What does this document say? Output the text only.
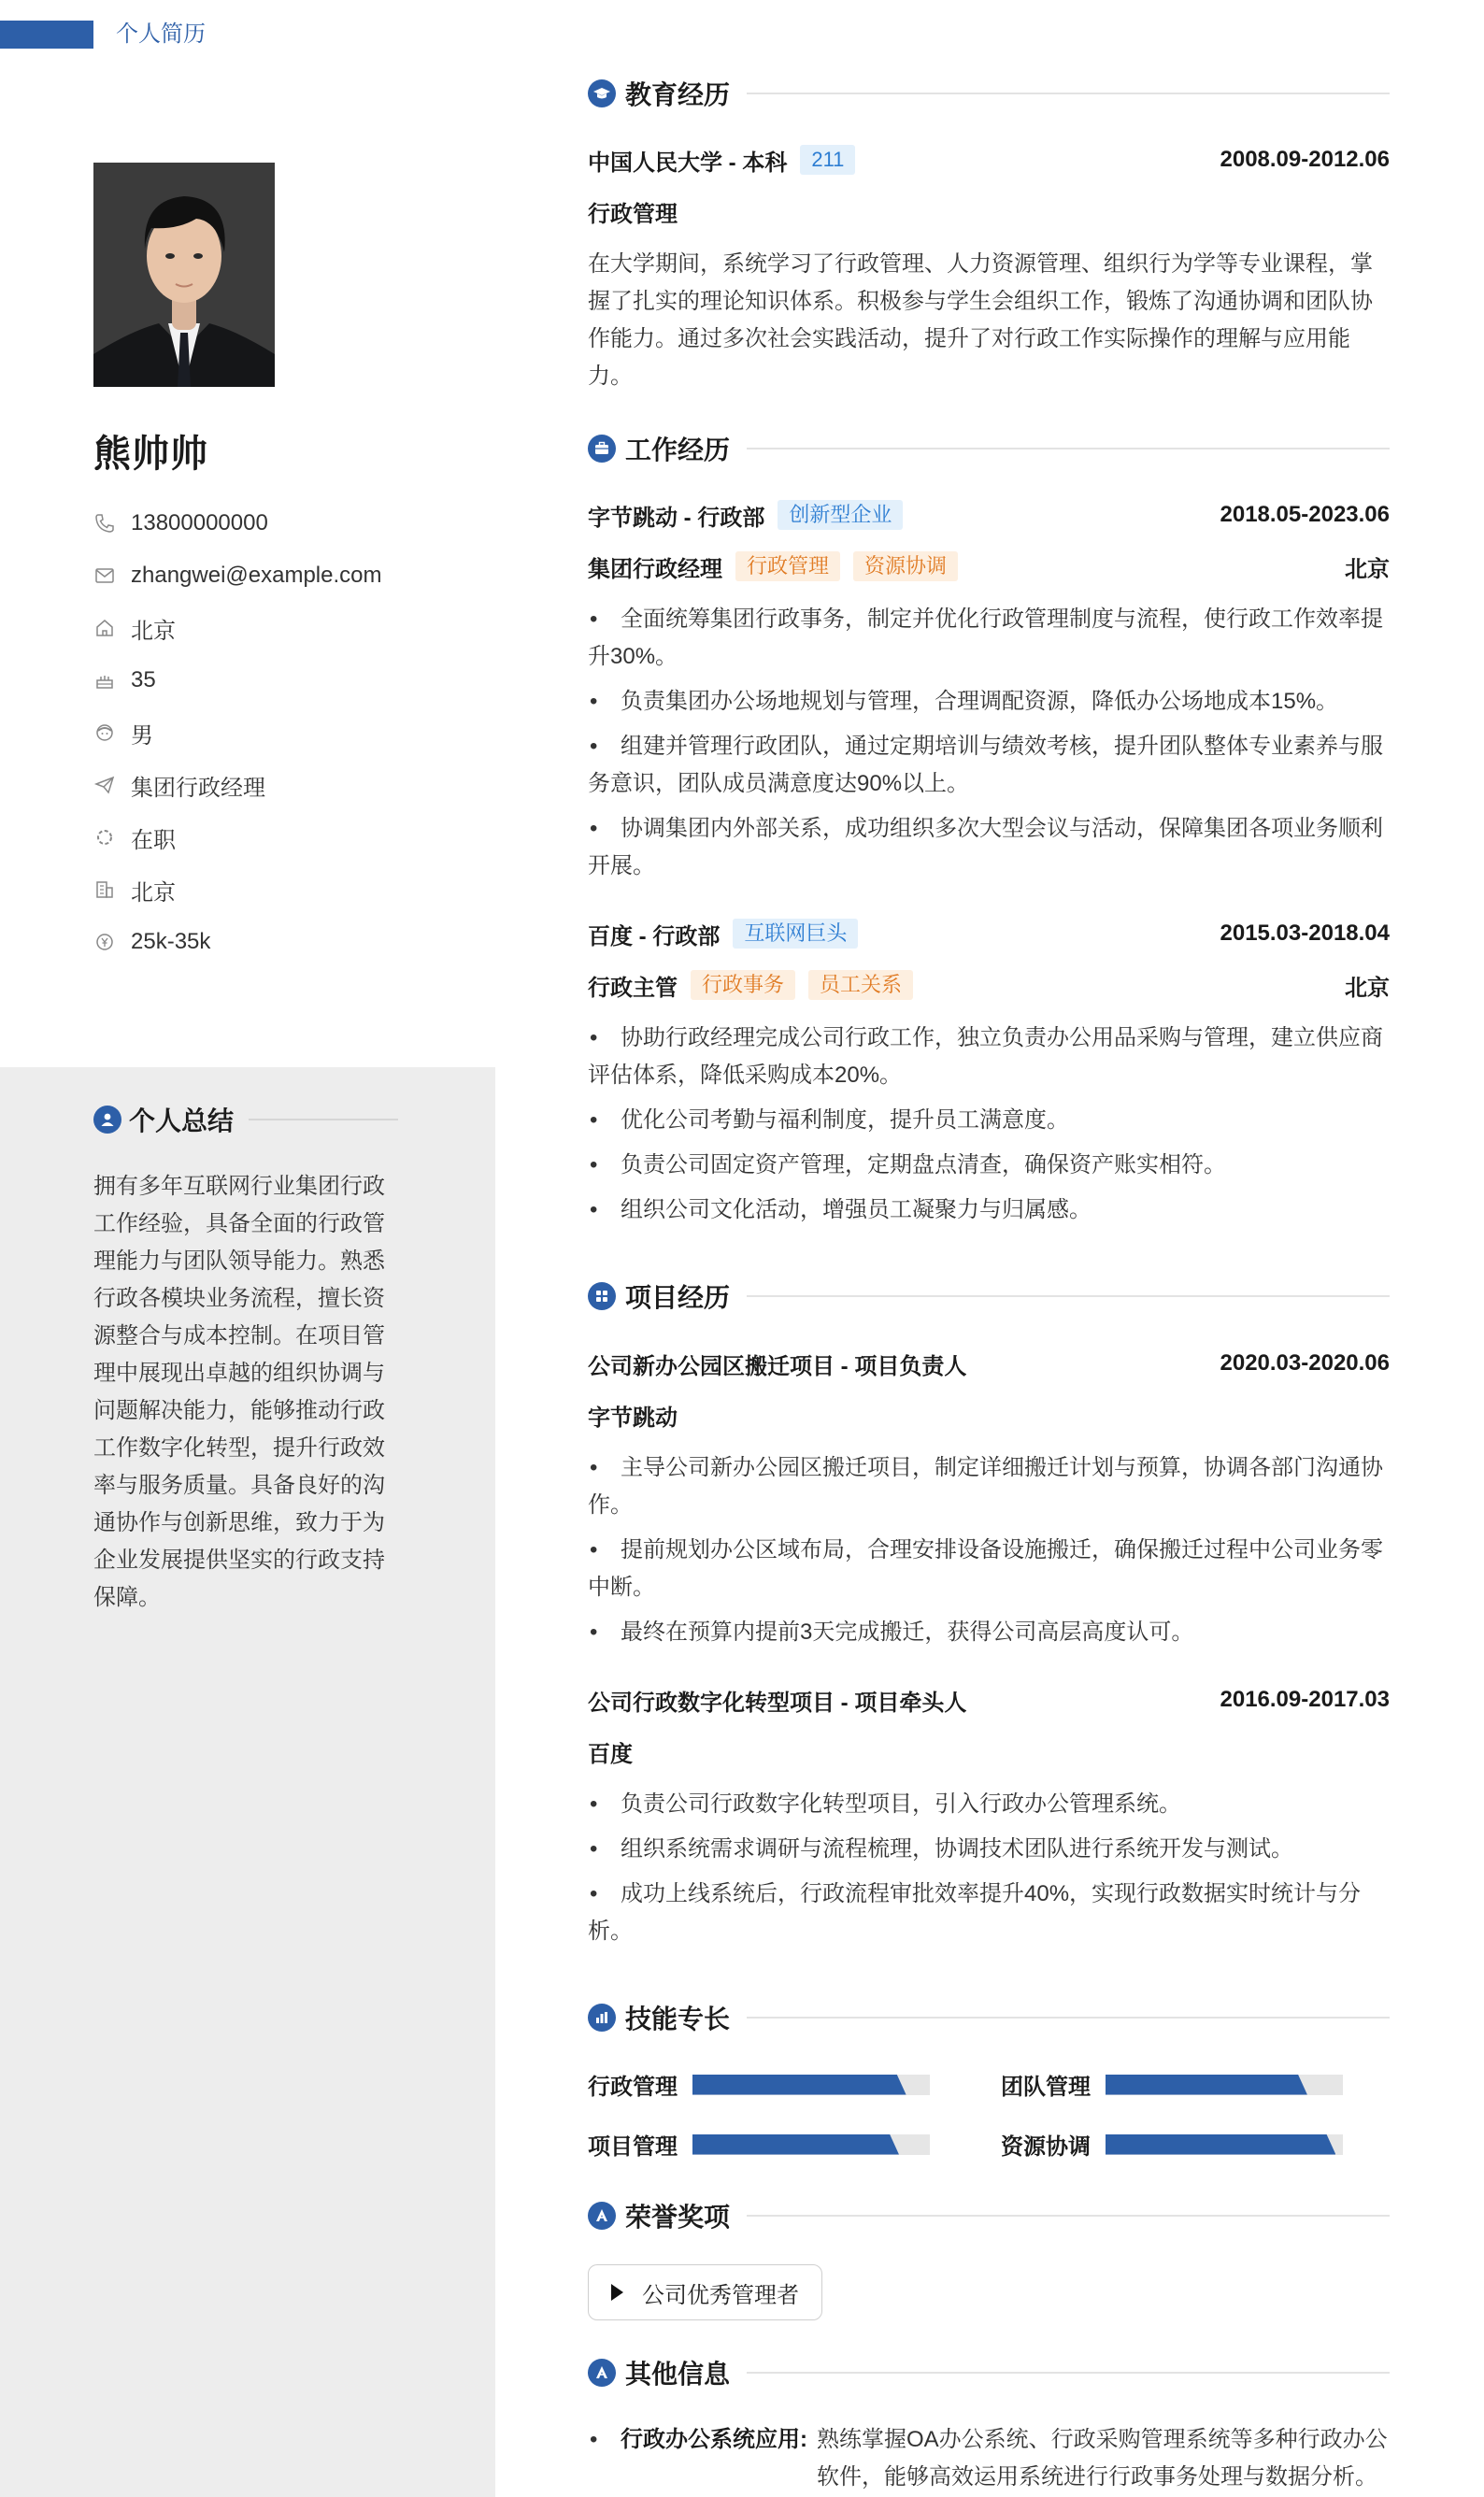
个人简历
熊帅帅
13800000000
zhangwei@example.com
北京
35
男
集团行政经理
在职
北京
25k-35k
个人总结

拥有多年互联网行业集团行政工作经验，具备全面的行政管理能力与团队领导能力。熟悉行政各模块业务流程，擅长资源整合与成本控制。在项目管理中展现出卓越的组织协调与问题解决能力，能够推动行政工作数字化转型，提升行政效率与服务质量。具备良好的沟通协作与创新思维，致力于为企业发展提供坚实的行政支持保障。

教育经历
中国人民大学 - 本科	211	2008.09-2012.06
行政管理

在大学期间，系统学习了行政管理、人力资源管理、组织行为学等专业课程，掌握了扎实的理论知识体系。积极参与学生会组织工作，锻炼了沟通协调和团队协作能力。通过多次社会实践活动，提升了对行政工作实际操作的理解与应用能力。

工作经历
字节跳动 - 行政部	创新型企业	2018.05-2023.06
集团行政经理	行政管理	资源协调	北京
• 全面统筹集团行政事务，制定并优化行政管理制度与流程，使行政工作效率提升30%。
• 负责集团办公场地规划与管理，合理调配资源，降低办公场地成本15%。
• 组建并管理行政团队，通过定期培训与绩效考核，提升团队整体专业素养与服务意识，团队成员满意度达90%以上。
• 协调集团内外部关系，成功组织多次大型会议与活动，保障集团各项业务顺利开展。
百度 - 行政部	互联网巨头	2015.03-2018.04
行政主管	行政事务	员工关系	北京
• 协助行政经理完成公司行政工作，独立负责办公用品采购与管理，建立供应商评估体系，降低采购成本20%。
• 优化公司考勤与福利制度，提升员工满意度。
• 负责公司固定资产管理，定期盘点清查，确保资产账实相符。
• 组织公司文化活动，增强员工凝聚力与归属感。
项目经历
公司新办公园区搬迁项目 - 项目负责人	2020.03-2020.06
字节跳动
• 主导公司新办公园区搬迁项目，制定详细搬迁计划与预算，协调各部门沟通协作。
• 提前规划办公区域布局，合理安排设备设施搬迁，确保搬迁过程中公司业务零中断。
• 最终在预算内提前3天完成搬迁，获得公司高层高度认可。
公司行政数字化转型项目 - 项目牵头人	2016.09-2017.03
百度
• 负责公司行政数字化转型项目，引入行政办公管理系统。
• 组织系统需求调研与流程梳理，协调技术团队进行系统开发与测试。
• 成功上线系统后，行政流程审批效率提升40%，实现行政数据实时统计与分析。
技能专长
行政管理	团队管理
项目管理	资源协调
荣誉奖项
公司优秀管理者
其他信息
•	行政办公系统应用: 熟练掌握OA办公系统、行政采购管理系统等多种行政办公软件，能够高效运用系统进行行政事务处理与数据分析。
